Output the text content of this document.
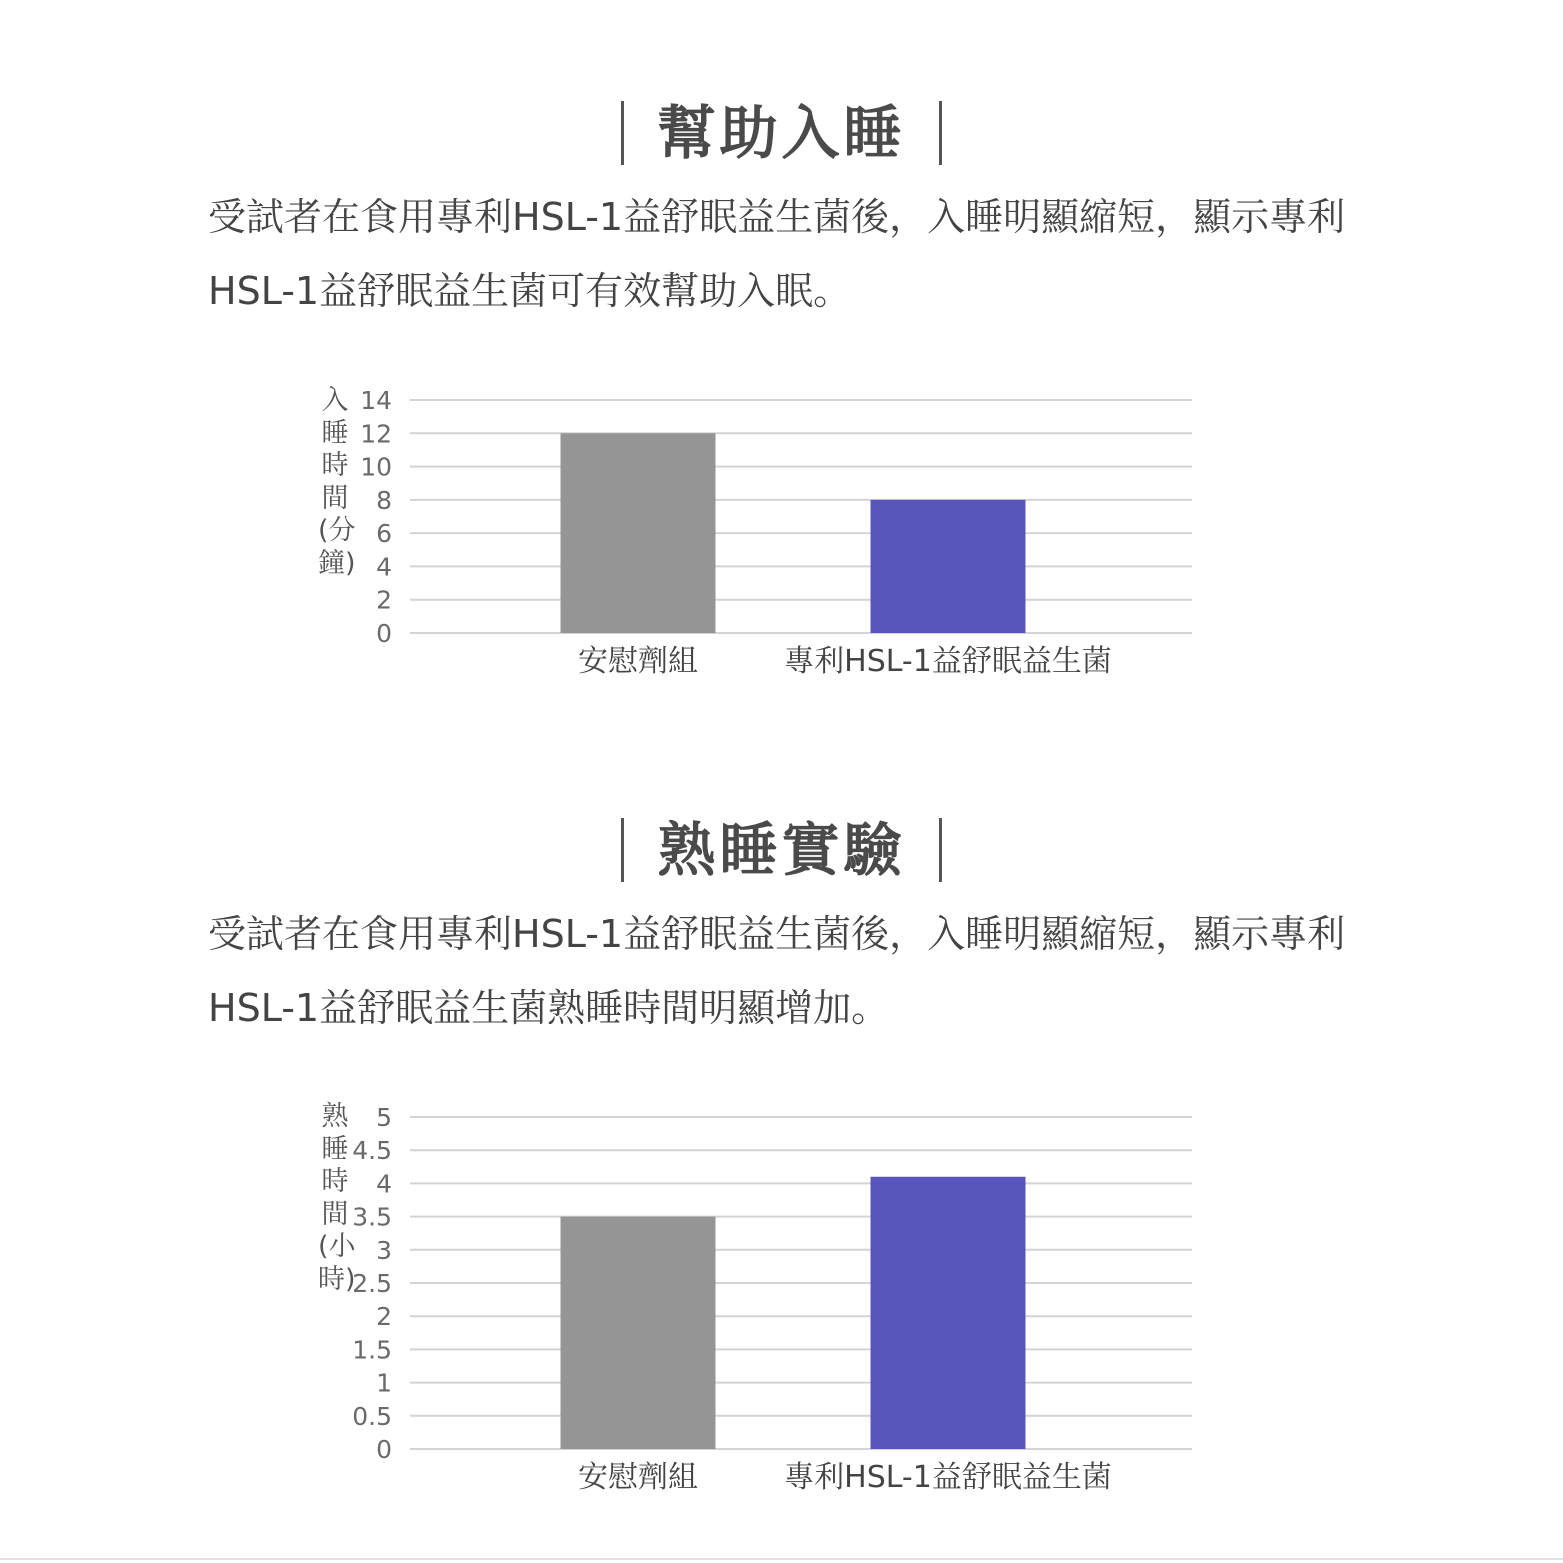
幫助入睡
受試者在食用專利HSL-1益舒眠益生菌後，入睡明顯縮短，顯示專利HSL-1益舒眠益生菌可有效幫助入眠。
入睡時間(分鐘)
0
2
4
6
8
10
12
14
安慰劑組	專利HSL-1益舒眠益生菌
熟睡實驗
受試者在食用專利HSL-1益舒眠益生菌後，入睡明顯縮短，顯示專利HSL-1益舒眠益生菌熟睡時間明顯增加。
熟睡時間(小時)
0
0.5
1
1.5
2
2.5
3
3.5
4
4.5
5
安慰劑組	專利HSL-1益舒眠益生菌
